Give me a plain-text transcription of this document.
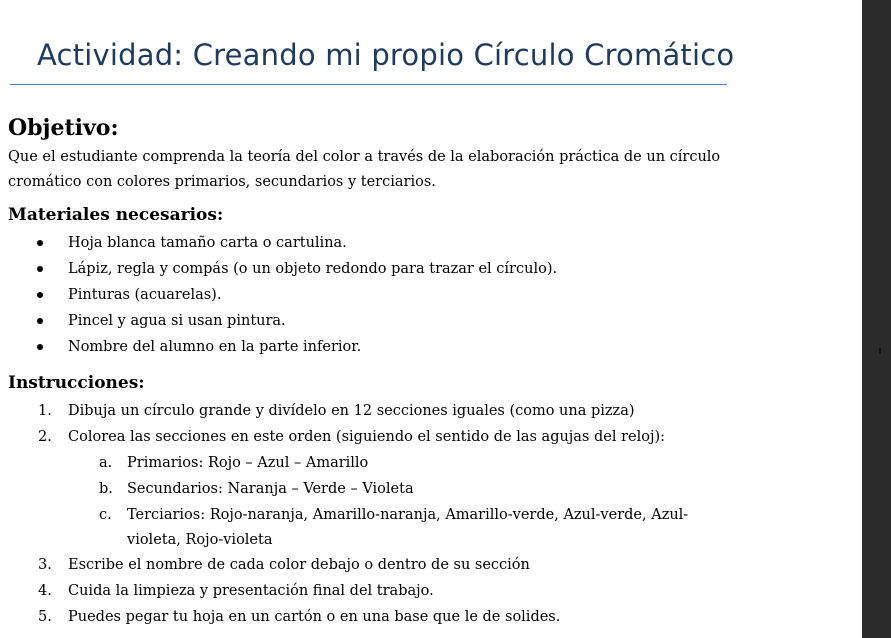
Actividad: Creando mi propio Círculo Cromático
Objetivo:
Que el estudiante comprenda la teoría del color a través de la elaboración práctica de un círculo cromático con colores primarios, secundarios y terciarios.
Materiales necesarios:
Hoja blanca tamaño carta o cartulina.
Lápiz, regla y compás (o un objeto redondo para trazar el círculo).
Pinturas (acuarelas).
Pincel y agua si usan pintura.
Nombre del alumno en la parte inferior.
Instrucciones:
1. Dibuja un círculo grande y divídelo en 12 secciones iguales (como una pizza)
2. Colorea las secciones en este orden (siguiendo el sentido de las agujas del reloj):
a. Primarios: Rojo – Azul – Amarillo
b. Secundarios: Naranja – Verde – Violeta
c. Terciarios: Rojo-naranja, Amarillo-naranja, Amarillo-verde, Azul-verde, Azul-violeta, Rojo-violeta
3. Escribe el nombre de cada color debajo o dentro de su sección
4. Cuida la limpieza y presentación final del trabajo.
5. Puedes pegar tu hoja en un cartón o en una base que le de solides.
